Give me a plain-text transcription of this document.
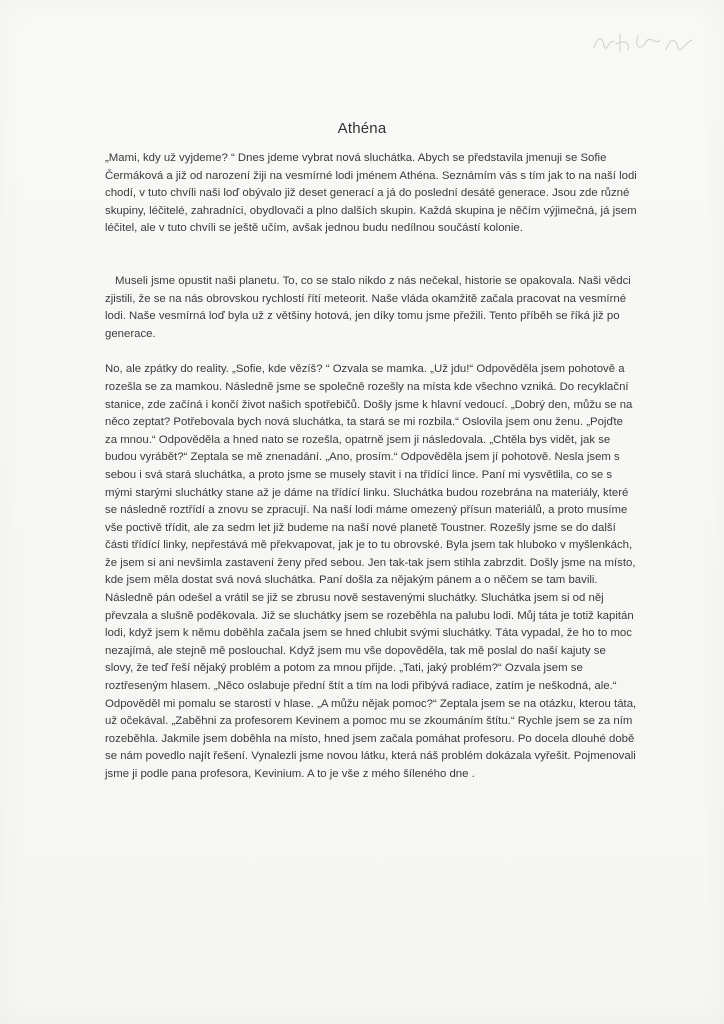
Athéna

„Mami, kdy už vyjdeme? “ Dnes jdeme vybrat nová sluchátka. Abych se představila jmenuji se Sofie Čermáková a již od narození žiji na vesmírné lodi jménem Athéna. Seznámím vás s tím jak to na naší lodi chodí, v tuto chvíli naši loď obývalo již deset generací a já do poslední desáté generace. Jsou zde různé skupiny, léčitelé, zahradníci, obydlovači a plno dalších skupin. Každá skupina je něčím výjimečná, já jsem léčitel, ale v tuto chvíli se ještě učím, avšak jednou budu nedílnou součástí kolonie.

Museli jsme opustit naši planetu. To, co se stalo nikdo z nás nečekal, historie se opakovala. Naši vědci zjistili, že se na nás obrovskou rychlostí řítí meteorit. Naše vláda okamžitě začala pracovat na vesmírné lodi. Naše vesmírná loď byla už z většiny hotová, jen díky tomu jsme přežili. Tento příběh se říká již po generace.

No, ale zpátky do reality. „Sofie, kde vězíš? “ Ozvala se mamka. „Už jdu!“ Odpověděla jsem pohotově a rozešla se za mamkou. Následně jsme se společně rozešly na místa kde všechno vzniká. Do recyklační stanice, zde začíná i končí život našich spotřebičů. Došly jsme k hlavní vedoucí. „Dobrý den, můžu se na něco zeptat? Potřebovala bych nová sluchátka, ta stará se mi rozbila.“ Oslovila jsem onu ženu. „Pojďte za mnou.“ Odpověděla a hned nato se rozešla, opatrně jsem ji následovala. „Chtěla bys vidět, jak se budou vyrábět?“ Zeptala se mě znenadání. „Ano, prosím.“ Odpověděla jsem jí pohotově. Nesla jsem s sebou i svá stará sluchátka, a proto jsme se musely stavit i na třídící lince. Paní mi vysvětlila, co se s mými starými sluchátky stane až je dáme na třídící linku. Sluchátka budou rozebrána na materiály, které se následně roztřídí a znovu se zpracují. Na naší lodi máme omezený přísun materiálů, a proto musíme vše poctivě třídit, ale za sedm let již budeme na naší nové planetě Toustner. Rozešly jsme se do další části třídící linky, nepřestává mě překvapovat, jak je to tu obrovské. Byla jsem tak hluboko v myšlenkách, že jsem si ani nevšimla zastavení ženy před sebou. Jen tak-tak jsem stihla zabrzdit. Došly jsme na místo, kde jsem měla dostat svá nová sluchátka. Paní došla za nějakým pánem a o něčem se tam bavili. Následně pán odešel a vrátil se již se zbrusu nově sestavenými sluchátky. Sluchátka jsem si od něj převzala a slušně poděkovala. Již se sluchátky jsem se rozeběhla na palubu lodi. Můj táta je totiž kapitán lodi, když jsem k němu doběhla začala jsem se hned chlubit svými sluchátky. Táta vypadal, že ho to moc nezajímá, ale stejně mě poslouchal. Když jsem mu vše dopověděla, tak mě poslal do naší kajuty se slovy, že teď řeší nějaký problém a potom za mnou přijde. „Tati, jaký problém?“ Ozvala jsem se roztřeseným hlasem. „Něco oslabuje přední štít a tím na lodi přibývá radiace, zatím je neškodná, ale.“ Odpověděl mi pomalu se starostí v hlase. „A můžu nějak pomoc?“ Zeptala jsem se na otázku, kterou táta, už očekával. „Zaběhni za profesorem Kevinem a pomoc mu se zkoumáním štítu.“ Rychle jsem se za ním rozeběhla. Jakmile jsem doběhla na místo, hned jsem začala pomáhat profesoru. Po docela dlouhé době se nám povedlo najít řešení. Vynalezli jsme novou látku, která náš problém dokázala vyřešit. Pojmenovali jsme ji podle pana profesora, Kevinium. A to je vše z mého šíleného dne .
